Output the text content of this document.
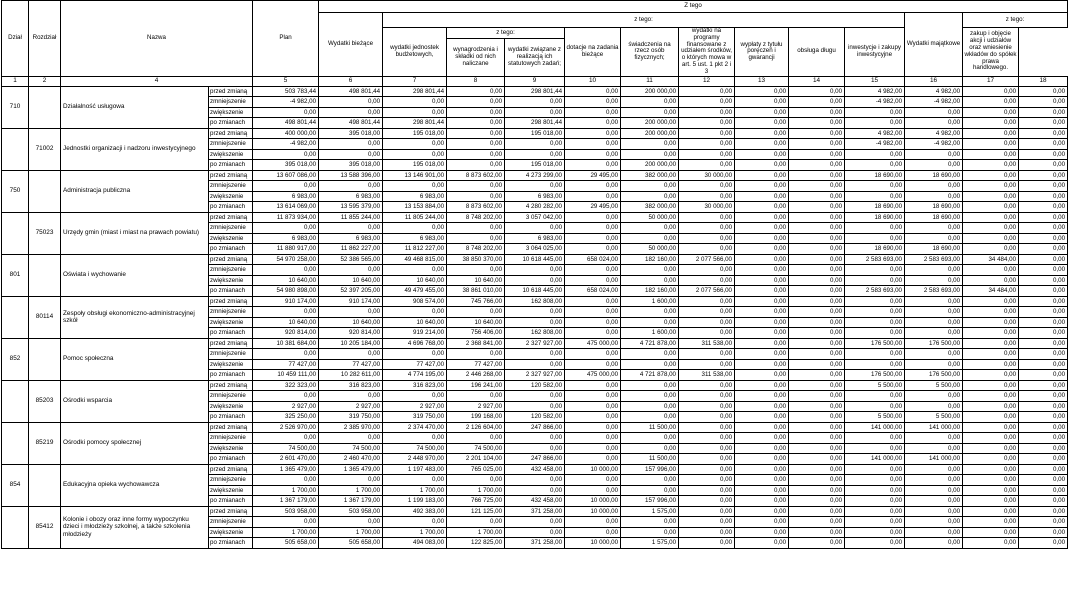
Dział	Rozdział	Nazwa		Plan	Z tego												
					Wydatki bieżące	z tego:									Wydatki majątkowe	z tego:	
						wydatki jednostek budżetowych,	z tego:		dotacje na zadania bieżące	świadczenia na rzecz osób fizycznych;	wydatki na programy finansowane z udziałem środków, o których mowa w art. 5 ust. 1 pkt 2 i 3	wypłaty z tytułu poręczeń i gwarancji	obsługa długu	inwestycje i zakupy inwestycyjne		zakup i objęcie akcji i udziałów oraz wniesienie wkładów do spółek prawa handlowego.	
							wynagrodzenia i składki od nich naliczane	wydatki związane z realizacją ich statutowych zadań;									

1	2	4		5	6	7	8	9	10	11	12	13	14	15	16	17	18
710		Działalność usługowa	przed zmianą	503 783,44	498 801,44	298 801,44	0,00	298 801,44	0,00	200 000,00	0,00	0,00	0,00	4 982,00	4 982,00	0,00	0,00
			zmniejszenie	-4 982,00	0,00	0,00	0,00	0,00	0,00	0,00	0,00	0,00	0,00	-4 982,00	-4 982,00	0,00	0,00
			zwiększenie	0,00	0,00	0,00	0,00	0,00	0,00	0,00	0,00	0,00	0,00	0,00	0,00	0,00	0,00
			po zmianach	498 801,44	498 801,44	298 801,44	0,00	298 801,44	0,00	200 000,00	0,00	0,00	0,00	0,00	0,00	0,00	0,00
	71002	Jednostki organizacji i nadzoru inwestycyjnego	przed zmianą	400 000,00	395 018,00	195 018,00	0,00	195 018,00	0,00	200 000,00	0,00	0,00	0,00	4 982,00	4 982,00	0,00	0,00
			zmniejszenie	-4 982,00	0,00	0,00	0,00	0,00	0,00	0,00	0,00	0,00	0,00	-4 982,00	-4 982,00	0,00	0,00
			zwiększenie	0,00	0,00	0,00	0,00	0,00	0,00	0,00	0,00	0,00	0,00	0,00	0,00	0,00	0,00
			po zmianach	395 018,00	395 018,00	195 018,00	0,00	195 018,00	0,00	200 000,00	0,00	0,00	0,00	0,00	0,00	0,00	0,00
750		Administracja publiczna	przed zmianą	13 607 086,00	13 588 396,00	13 146 901,00	8 873 602,00	4 273 299,00	29 495,00	382 000,00	30 000,00	0,00	0,00	18 690,00	18 690,00	0,00	0,00
			zmniejszenie	0,00	0,00	0,00	0,00	0,00	0,00	0,00	0,00	0,00	0,00	0,00	0,00	0,00	0,00
			zwiększenie	6 983,00	6 983,00	6 983,00	0,00	6 983,00	0,00	0,00	0,00	0,00	0,00	0,00	0,00	0,00	0,00
			po zmianach	13 614 069,00	13 595 379,00	13 153 884,00	8 873 602,00	4 280 282,00	29 495,00	382 000,00	30 000,00	0,00	0,00	18 690,00	18 690,00	0,00	0,00
	75023	Urzędy gmin (miast i miast na prawach powiatu)	przed zmianą	11 873 934,00	11 855 244,00	11 805 244,00	8 748 202,00	3 057 042,00	0,00	50 000,00	0,00	0,00	0,00	18 690,00	18 690,00	0,00	0,00
			zmniejszenie	0,00	0,00	0,00	0,00	0,00	0,00	0,00	0,00	0,00	0,00	0,00	0,00	0,00	0,00
			zwiększenie	6 983,00	6 983,00	6 983,00	0,00	6 983,00	0,00	0,00	0,00	0,00	0,00	0,00	0,00	0,00	0,00
			po zmianach	11 880 917,00	11 862 227,00	11 812 227,00	8 748 202,00	3 064 025,00	0,00	50 000,00	0,00	0,00	0,00	18 690,00	18 690,00	0,00	0,00
801		Oświata i wychowanie	przed zmianą	54 970 258,00	52 386 565,00	49 468 815,00	38 850 370,00	10 618 445,00	658 024,00	182 160,00	2 077 566,00	0,00	0,00	2 583 693,00	2 583 693,00	34 484,00	0,00
			zmniejszenie	0,00	0,00	0,00	0,00	0,00	0,00	0,00	0,00	0,00	0,00	0,00	0,00	0,00	0,00
			zwiększenie	10 640,00	10 640,00	10 640,00	10 640,00	0,00	0,00	0,00	0,00	0,00	0,00	0,00	0,00	0,00	0,00
			po zmianach	54 980 898,00	52 397 205,00	49 479 455,00	38 861 010,00	10 618 445,00	658 024,00	182 160,00	2 077 566,00	0,00	0,00	2 583 693,00	2 583 693,00	34 484,00	0,00
	80114	Zespoły obsługi ekonomiczno-administracyjnej szkół	przed zmianą	910 174,00	910 174,00	908 574,00	745 766,00	162 808,00	0,00	1 600,00	0,00	0,00	0,00	0,00	0,00	0,00	0,00
			zmniejszenie	0,00	0,00	0,00	0,00	0,00	0,00	0,00	0,00	0,00	0,00	0,00	0,00	0,00	0,00
			zwiększenie	10 640,00	10 640,00	10 640,00	10 640,00	0,00	0,00	0,00	0,00	0,00	0,00	0,00	0,00	0,00	0,00
			po zmianach	920 814,00	920 814,00	919 214,00	756 406,00	162 808,00	0,00	1 600,00	0,00	0,00	0,00	0,00	0,00	0,00	0,00
852		Pomoc społeczna	przed zmianą	10 381 684,00	10 205 184,00	4 696 768,00	2 368 841,00	2 327 927,00	475 000,00	4 721 878,00	311 538,00	0,00	0,00	176 500,00	176 500,00	0,00	0,00
			zmniejszenie	0,00	0,00	0,00	0,00	0,00	0,00	0,00	0,00	0,00	0,00	0,00	0,00	0,00	0,00
			zwiększenie	77 427,00	77 427,00	77 427,00	77 427,00	0,00	0,00	0,00	0,00	0,00	0,00	0,00	0,00	0,00	0,00
			po zmianach	10 459 111,00	10 282 611,00	4 774 195,00	2 446 268,00	2 327 927,00	475 000,00	4 721 878,00	311 538,00	0,00	0,00	176 500,00	176 500,00	0,00	0,00
	85203	Ośrodki wsparcia	przed zmianą	322 323,00	316 823,00	316 823,00	196 241,00	120 582,00	0,00	0,00	0,00	0,00	0,00	5 500,00	5 500,00	0,00	0,00
			zmniejszenie	0,00	0,00	0,00	0,00	0,00	0,00	0,00	0,00	0,00	0,00	0,00	0,00	0,00	0,00
			zwiększenie	2 927,00	2 927,00	2 927,00	2 927,00	0,00	0,00	0,00	0,00	0,00	0,00	0,00	0,00	0,00	0,00
			po zmianach	325 250,00	319 750,00	319 750,00	199 168,00	120 582,00	0,00	0,00	0,00	0,00	0,00	5 500,00	5 500,00	0,00	0,00
	85219	Ośrodki pomocy społecznej	przed zmianą	2 526 970,00	2 385 970,00	2 374 470,00	2 126 604,00	247 866,00	0,00	11 500,00	0,00	0,00	0,00	141 000,00	141 000,00	0,00	0,00
			zmniejszenie	0,00	0,00	0,00	0,00	0,00	0,00	0,00	0,00	0,00	0,00	0,00	0,00	0,00	0,00
			zwiększenie	74 500,00	74 500,00	74 500,00	74 500,00	0,00	0,00	0,00	0,00	0,00	0,00	0,00	0,00	0,00	0,00
			po zmianach	2 601 470,00	2 460 470,00	2 448 970,00	2 201 104,00	247 866,00	0,00	11 500,00	0,00	0,00	0,00	141 000,00	141 000,00	0,00	0,00
854		Edukacyjna opieka wychowawcza	przed zmianą	1 365 479,00	1 365 479,00	1 197 483,00	765 025,00	432 458,00	10 000,00	157 996,00	0,00	0,00	0,00	0,00	0,00	0,00	0,00
			zmniejszenie	0,00	0,00	0,00	0,00	0,00	0,00	0,00	0,00	0,00	0,00	0,00	0,00	0,00	0,00
			zwiększenie	1 700,00	1 700,00	1 700,00	1 700,00	0,00	0,00	0,00	0,00	0,00	0,00	0,00	0,00	0,00	0,00
			po zmianach	1 367 179,00	1 367 179,00	1 199 183,00	766 725,00	432 458,00	10 000,00	157 996,00	0,00	0,00	0,00	0,00	0,00	0,00	0,00
	85412	Kolonie i obozy oraz inne formy wypoczynku dzieci i młodzieży szkolnej, a także szkolenia młodzieży	przed zmianą	503 958,00	503 958,00	492 383,00	121 125,00	371 258,00	10 000,00	1 575,00	0,00	0,00	0,00	0,00	0,00	0,00	0,00
			zmniejszenie	0,00	0,00	0,00	0,00	0,00	0,00	0,00	0,00	0,00	0,00	0,00	0,00	0,00	0,00
			zwiększenie	1 700,00	1 700,00	1 700,00	1 700,00	0,00	0,00	0,00	0,00	0,00	0,00	0,00	0,00	0,00	0,00
			po zmianach	505 658,00	505 658,00	494 083,00	122 825,00	371 258,00	10 000,00	1 575,00	0,00	0,00	0,00	0,00	0,00	0,00	0,00
